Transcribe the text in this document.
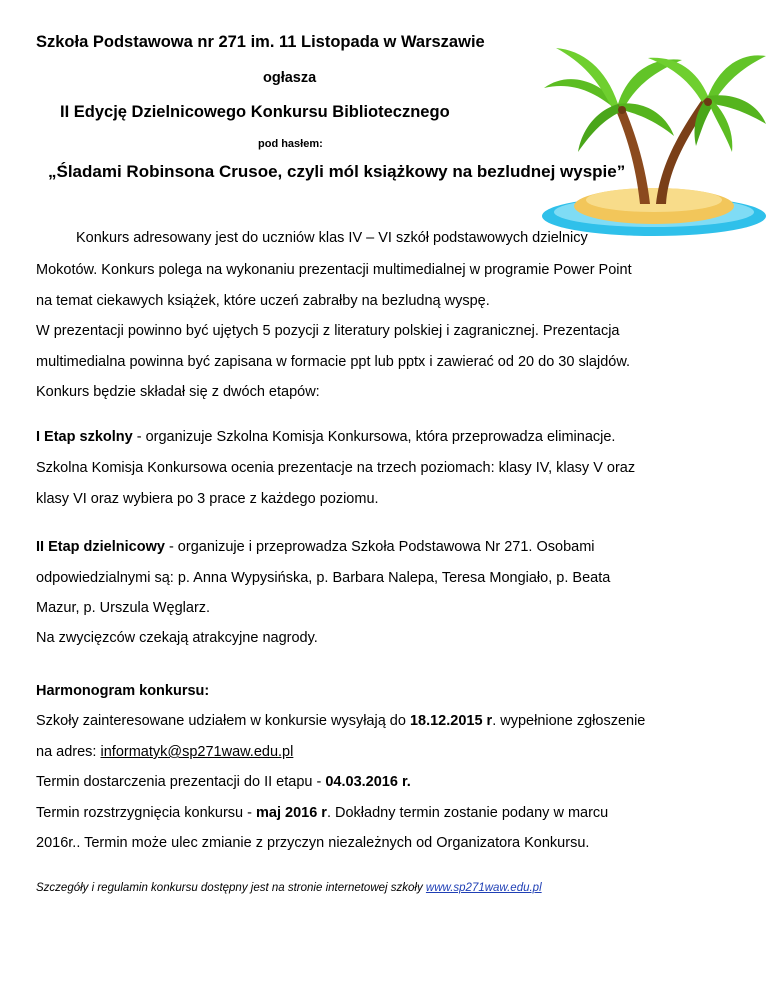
Szkoła Podstawowa nr 271 im. 11 Listopada w Warszawie
ogłasza
II Edycję Dzielnicowego Konkursu Bibliotecznego
pod hasłem:
„Śladami Robinsona Crusoe, czyli mól książkowy na bezludnej wyspie”
Konkurs adresowany jest do uczniów klas IV – VI szkół podstawowych dzielnicy
Mokotów. Konkurs polega na wykonaniu prezentacji multimedialnej w programie Power Point
na temat ciekawych książek, które uczeń zabrałby na bezludną wyspę.
W prezentacji powinno być ujętych 5 pozycji z literatury polskiej i zagranicznej. Prezentacja
multimedialna powinna być zapisana w formacie ppt lub pptx i zawierać od 20 do 30 slajdów.
Konkurs będzie składał się z dwóch etapów:
I Etap szkolny - organizuje Szkolna Komisja Konkursowa, która przeprowadza eliminacje.
Szkolna Komisja Konkursowa ocenia prezentacje na trzech poziomach: klasy IV, klasy V oraz
klasy VI oraz wybiera po 3 prace z każdego poziomu.
II Etap dzielnicowy - organizuje i przeprowadza Szkoła Podstawowa Nr 271. Osobami
odpowiedzialnymi są: p. Anna Wypysińska, p. Barbara Nalepa, Teresa Mongiało, p. Beata
Mazur, p. Urszula Węglarz.
Na zwycięzców czekają atrakcyjne nagrody.
Harmonogram konkursu:
Szkoły zainteresowane udziałem w konkursie wysyłają do 18.12.2015 r. wypełnione zgłoszenie
na adres: informatyk@sp271waw.edu.pl
Termin dostarczenia prezentacji do II etapu - 04.03.2016 r.
Termin rozstrzygnięcia konkursu - maj 2016 r. Dokładny termin zostanie podany w marcu
2016r.. Termin może ulec zmianie z przyczyn niezależnych od Organizatora Konkursu.
Szczegóły i regulamin konkursu dostępny jest na stronie internetowej szkoły www.sp271waw.edu.pl
